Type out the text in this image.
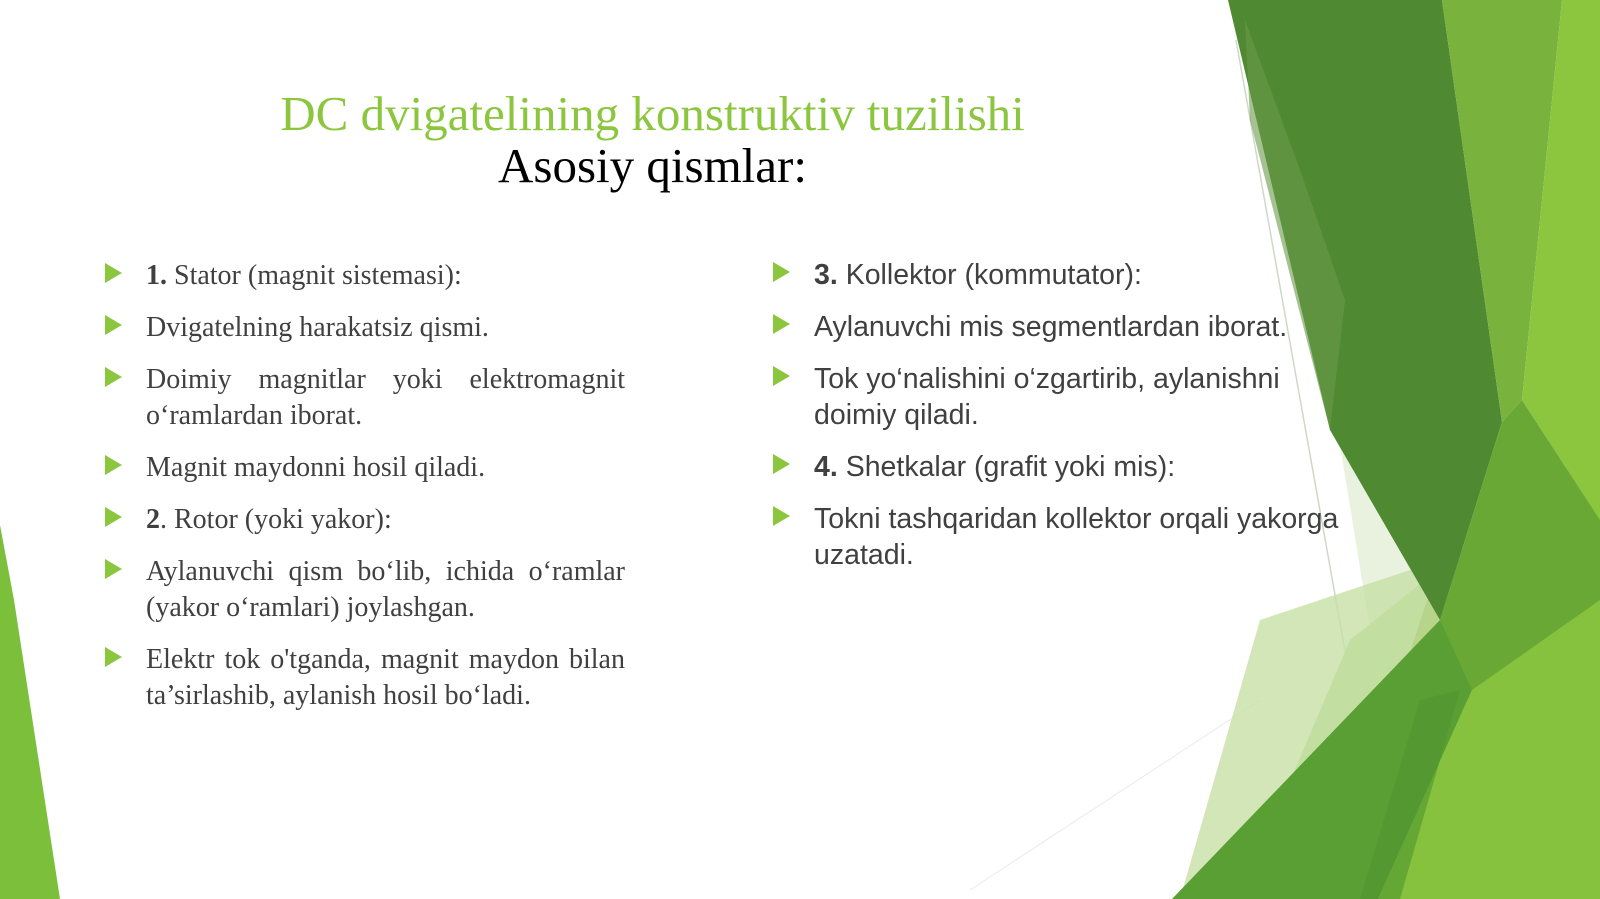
DC dvigatelining konstruktiv tuzilishi
Asosiy qismlar:
1. Stator (magnit sistemasi):
Dvigatelning harakatsiz qismi.
Doimiy magnitlar yoki elektromagnit o‘ramlardan iborat.
Magnit maydonni hosil qiladi.
2. Rotor (yoki yakor):
Aylanuvchi qism bo‘lib, ichida o‘ramlar (yakor o‘ramlari) joylashgan.
Elektr tok o'tganda, magnit maydon bilan ta’sirlashib, aylanish hosil bo‘ladi.
3. Kollektor (kommutator):
Aylanuvchi mis segmentlardan iborat.
Tok yo‘nalishini o‘zgartirib, aylanishni doimiy qiladi.
4. Shetkalar (grafit yoki mis):
Tokni tashqaridan kollektor orqali yakorga uzatadi.
